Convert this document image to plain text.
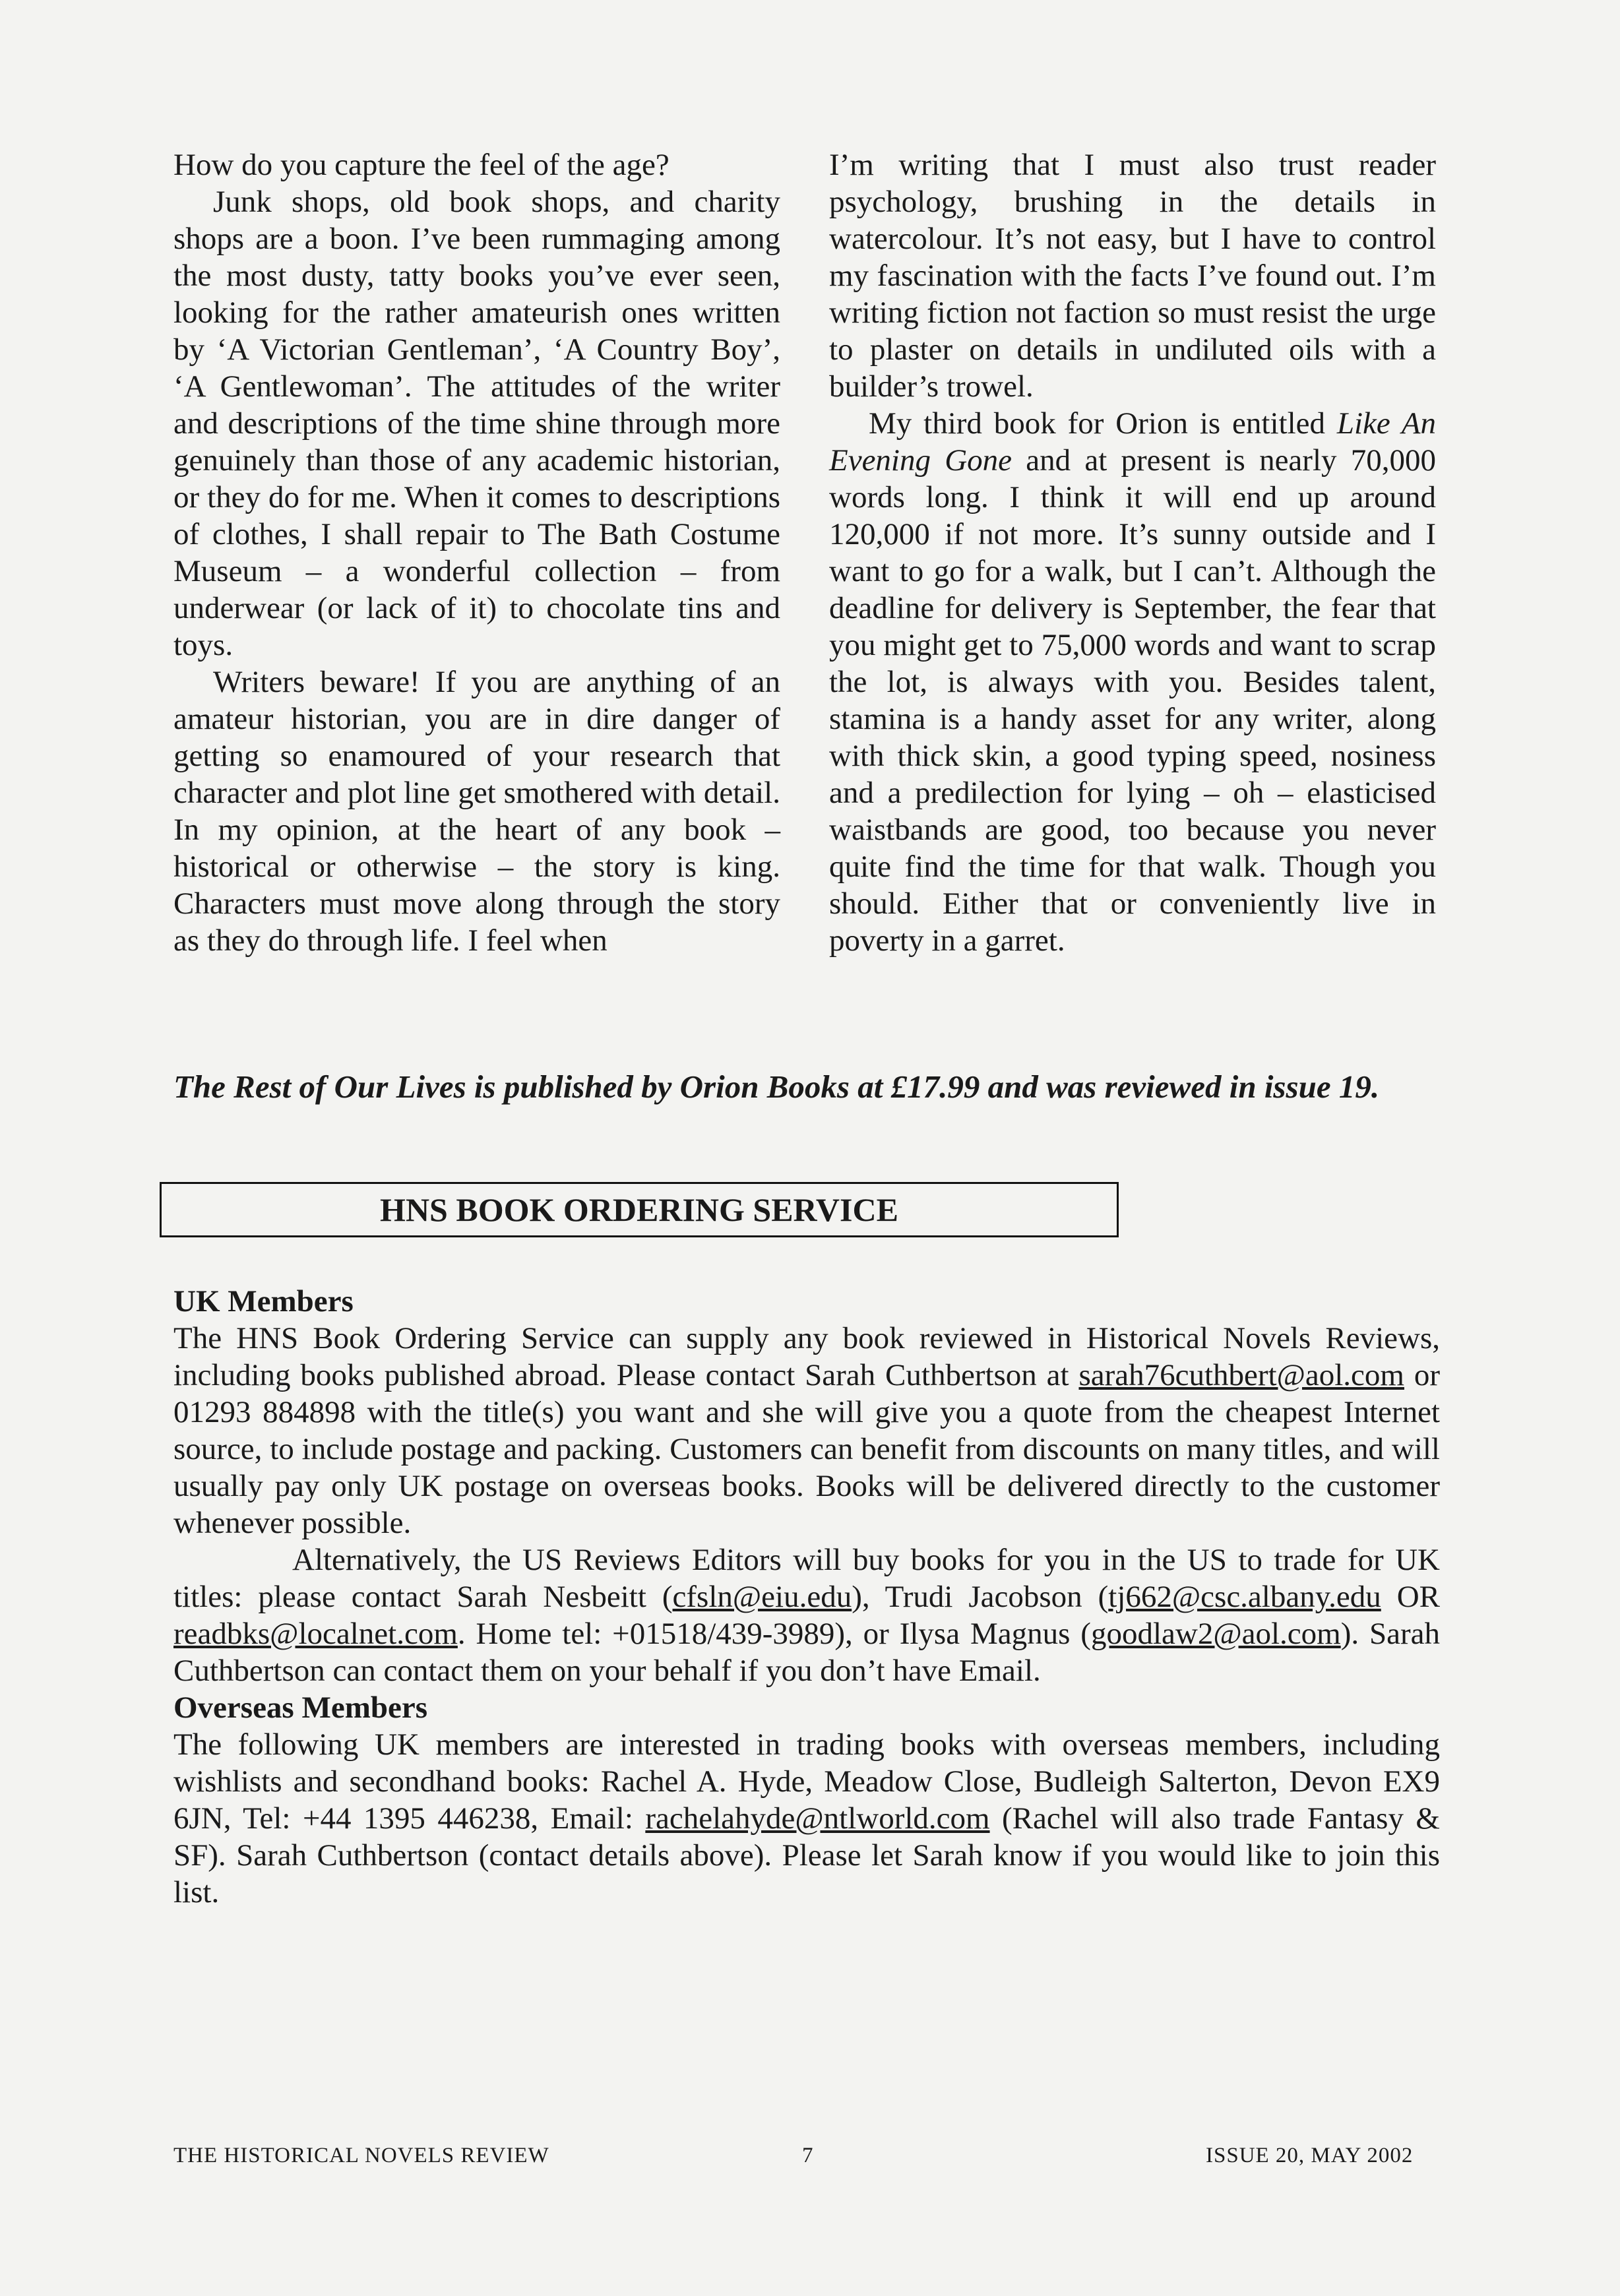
How do you capture the feel of the age?

Junk shops, old book shops, and charity shops are a boon. I’ve been rummaging among the most dusty, tatty books you’ve ever seen, looking for the rather amateurish ones written by ‘A Victorian Gentleman’, ‘A Country Boy’, ‘A Gentlewoman’. The attitudes of the writer and descriptions of the time shine through more genuinely than those of any academic historian, or they do for me. When it comes to descriptions of clothes, I shall repair to The Bath Costume Museum – a wonderful collection – from underwear (or lack of it) to chocolate tins and toys.

Writers beware! If you are anything of an amateur historian, you are in dire danger of getting so enamoured of your research that character and plot line get smothered with detail. In my opinion, at the heart of any book – historical or otherwise – the story is king. Characters must move along through the story as they do through life. I feel when

I’m writing that I must also trust reader psychology, brushing in the details in watercolour. It’s not easy, but I have to control my fascination with the facts I’ve found out. I’m writing fiction not faction so must resist the urge to plaster on details in undiluted oils with a builder’s trowel.

My third book for Orion is entitled Like An Evening Gone and at present is nearly 70,000 words long. I think it will end up around 120,000 if not more. It’s sunny outside and I want to go for a walk, but I can’t. Although the deadline for delivery is September, the fear that you might get to 75,000 words and want to scrap the lot, is always with you. Besides talent, stamina is a handy asset for any writer, along with thick skin, a good typing speed, nosiness and a predilection for lying – oh – elasticised waistbands are good, too because you never quite find the time for that walk. Though you should. Either that or conveniently live in poverty in a garret.

The Rest of Our Lives is published by Orion Books at £17.99 and was reviewed in issue 19.
HNS BOOK ORDERING SERVICE

UK Members

The HNS Book Ordering Service can supply any book reviewed in Historical Novels Reviews, including books published abroad. Please contact Sarah Cuthbertson at sarah76cuthbert@aol.com or 01293 884898 with the title(s) you want and she will give you a quote from the cheapest Internet source, to include postage and packing. Customers can benefit from discounts on many titles, and will usually pay only UK postage on overseas books. Books will be delivered directly to the customer whenever possible.

Alternatively, the US Reviews Editors will buy books for you in the US to trade for UK titles: please contact Sarah Nesbeitt (cfsln@eiu.edu), Trudi Jacobson (tj662@csc.albany.edu OR readbks@localnet.com. Home tel: +01518/439-3989), or Ilysa Magnus (goodlaw2@aol.com). Sarah Cuthbertson can contact them on your behalf if you don’t have Email.

Overseas Members

The following UK members are interested in trading books with overseas members, including wishlists and secondhand books: Rachel A. Hyde, Meadow Close, Budleigh Salterton, Devon EX9 6JN, Tel: +44 1395 446238, Email: rachelahyde@ntlworld.com (Rachel will also trade Fantasy & SF). Sarah Cuthbertson (contact details above). Please let Sarah know if you would like to join this list.

THE HISTORICAL NOVELS REVIEW	7	ISSUE 20, MAY 2002
